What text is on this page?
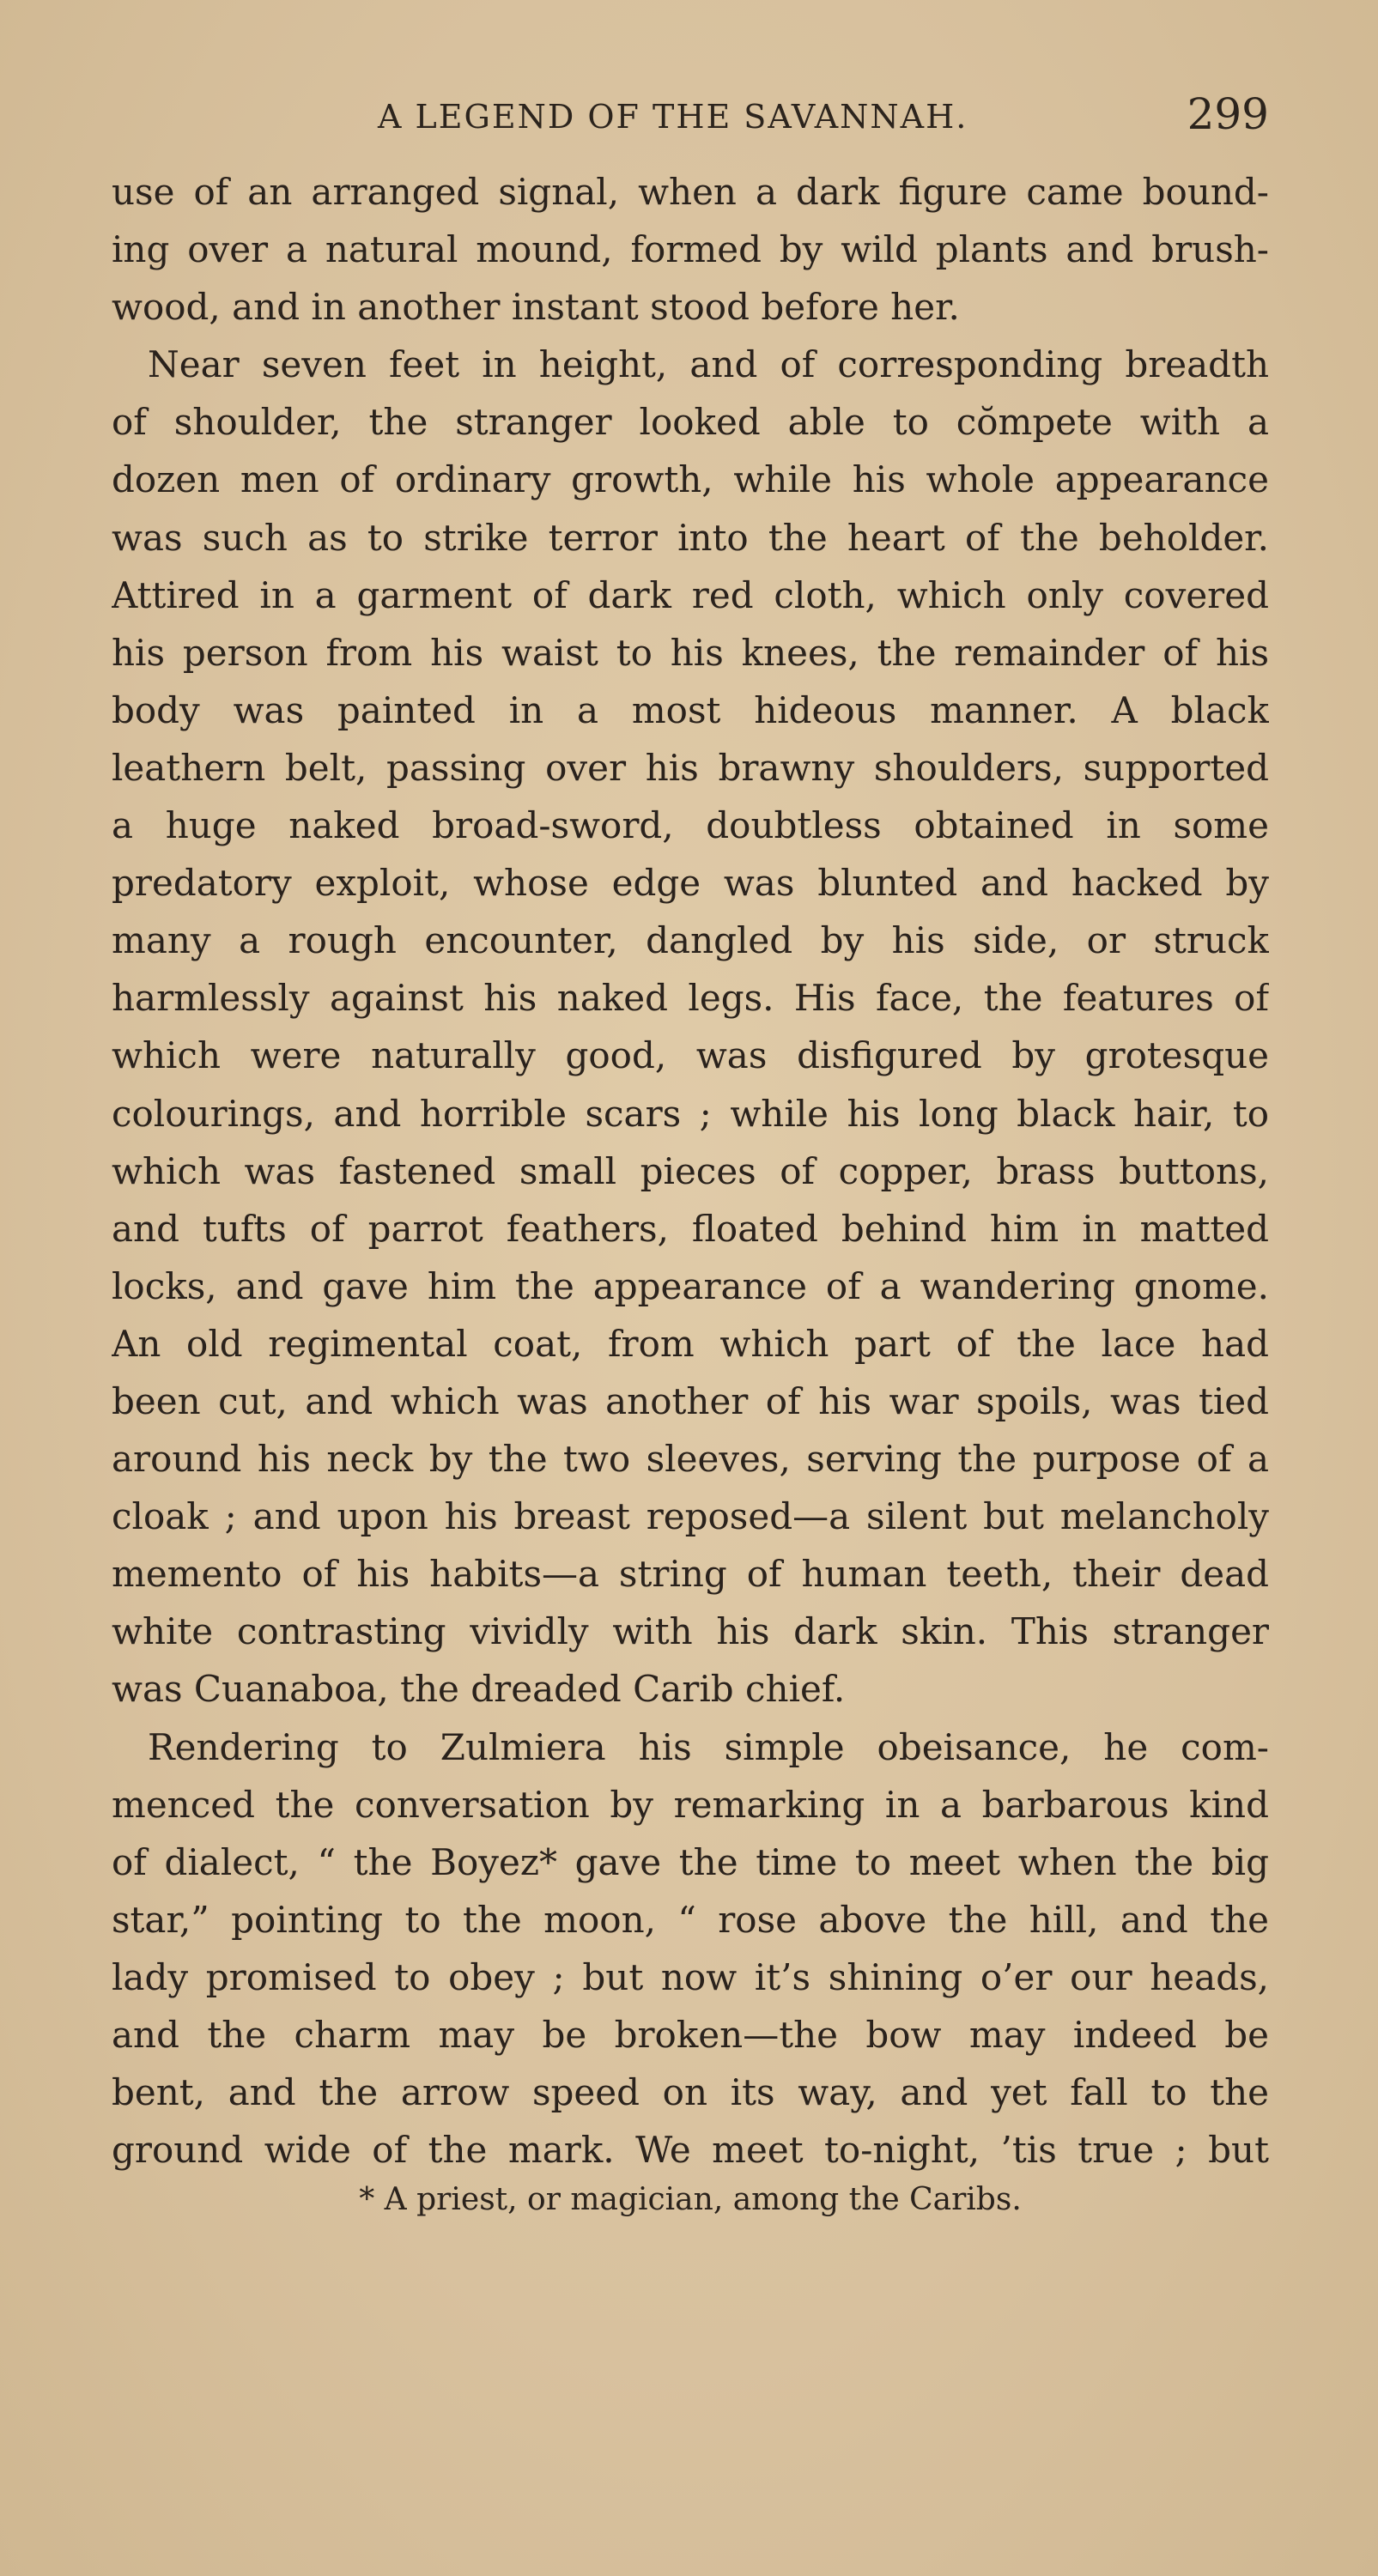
A LEGEND OF THE SAVANNAH.	299
use of an arranged signal, when a dark figure came bound-
ing over a natural mound, formed by wild plants and brush-
wood, and in another instant stood before her.
Near seven feet in height, and of corresponding breadth
of shoulder, the stranger looked able to cŏmpete with a
dozen men of ordinary growth, while his whole appearance
was such as to strike terror into the heart of the beholder.
Attired in a garment of dark red cloth, which only covered
his person from his waist to his knees, the remainder of his
body was painted in a most hideous manner. A black
leathern belt, passing over his brawny shoulders, supported
a huge naked broad-sword, doubtless obtained in some
predatory exploit, whose edge was blunted and hacked by
many a rough encounter, dangled by his side, or struck
harmlessly against his naked legs. His face, the features of
which were naturally good, was disfigured by grotesque
colourings, and horrible scars ; while his long black hair, to
which was fastened small pieces of copper, brass buttons,
and tufts of parrot feathers, floated behind him in matted
locks, and gave him the appearance of a wandering gnome.
An old regimental coat, from which part of the lace had
been cut, and which was another of his war spoils, was tied
around his neck by the two sleeves, serving the purpose of a
cloak ; and upon his breast reposed—a silent but melancholy
memento of his habits—a string of human teeth, their dead
white contrasting vividly with his dark skin. This stranger
was Cuanaboa, the dreaded Carib chief.
Rendering to Zulmiera his simple obeisance, he com-
menced the conversation by remarking in a barbarous kind
of dialect, “ the Boyez* gave the time to meet when the big
star,” pointing to the moon, “ rose above the hill, and the
lady promised to obey ; but now it’s shining o’er our heads,
and the charm may be broken—the bow may indeed be
bent, and the arrow speed on its way, and yet fall to the
ground wide of the mark. We meet to-night, ’tis true ; but
* A priest, or magician, among the Caribs.
